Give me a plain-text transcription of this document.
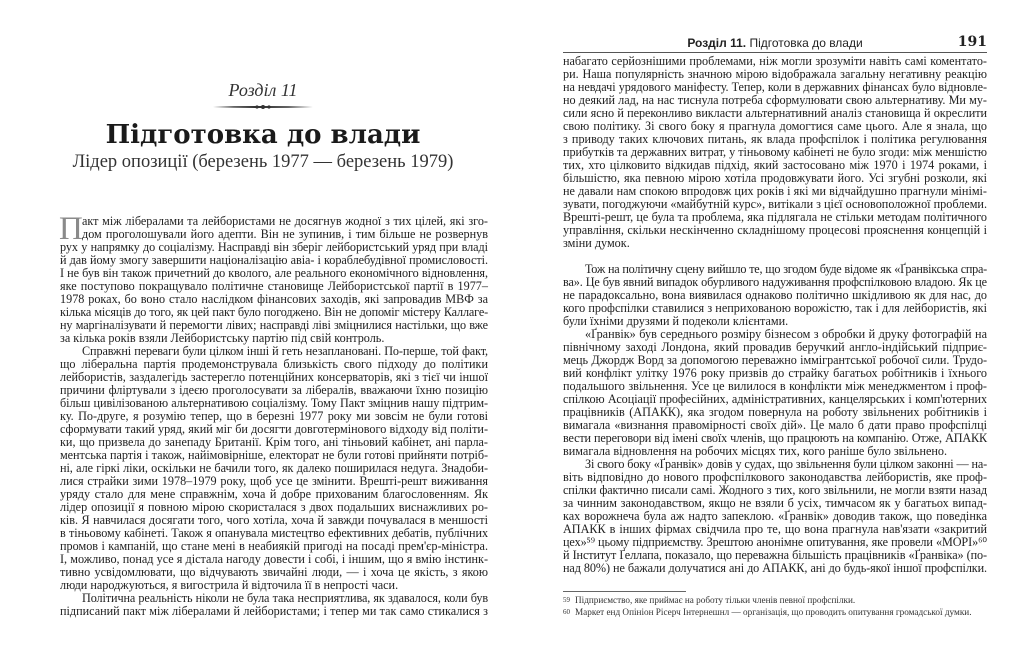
Розділ 11
Підготовка до влади
Лідер опозиції (березень 1977 — березень 1979)
П акт між лібералами та лейбористами не досягнув жодної з тих цілей, які зго-
дом проголошували його адепти. Він не зупинив, і тим більше не розвернув
рух у напрямку до соціалізму. Насправді він зберіг лейбористський уряд при владі
й дав йому змогу завершити націоналізацію авіа- і кораблебудівної промисловості.
І не був він також причетний до кволого, але реального економічного відновлення,
яке поступово покращувало політичне становище Лейбористської партії в 1977–
1978 роках, бо воно стало наслідком фінансових заходів, які запровадив МВФ за
кілька місяців до того, як цей пакт було погоджено. Він не допоміг містеру Каллаге-
ну маргіналізувати й перемогти лівих; насправді ліві зміцнилися настільки, що вже
за кілька років взяли Лейбористську партію під свій контроль.
Справжні переваги були цілком інші й геть незаплановані. По-перше, той факт,
що ліберальна партія продемонструвала близькість свого підходу до політики
лейбористів, заздалегідь застерегло потенційних консерваторів, які з тієї чи іншої
причини фліртували з ідеєю проголосувати за лібералів, вважаючи їхню позицію
більш цивілізованою альтернативою соціалізму. Тому Пакт зміцнив нашу підтрим-
ку. По-друге, я розумію тепер, що в березні 1977 року ми зовсім не були готові
сформувати такий уряд, який міг би досягти довготермінового відходу від політи-
ки, що призвела до занепаду Британії. Крім того, ані тіньовий кабінет, ані парла-
ментська партія і також, найімовірніше, електорат не були готові прийняти потріб-
ні, але гіркі ліки, оскільки не бачили того, як далеко поширилася недуга. Знадоби-
лися страйки зими 1978–1979 року, щоб усе це змінити. Врешті-решт виживання
уряду стало для мене справжнім, хоча й добре прихованим благословенням. Як
лідер опозиції я повною мірою скористалася з двох подальших виснажливих ро-
ків. Я навчилася досягати того, чого хотіла, хоча й завжди почувалася в меншості
в тіньовому кабінеті. Також я опанувала мистецтво ефективних дебатів, публічних
промов і кампаній, що стане мені в неабиякій пригоді на посаді прем'єр-міністра.
І, можливо, понад усе я дістала нагоду довести і собі, і іншим, що я вмію інстинк-
тивно усвідомлювати, що відчувають звичайні люди, — і хоча це якість, з якою
люди народжуються, я вигострила й відточила її в непрості часи.
Політична реальність ніколи не була така несприятлива, як здавалося, коли був
підписаний пакт між лібералами й лейбористами; і тепер ми так само стикалися з
Розділ 11. Підготовка до влади	191
набагато серйознішими проблемами, ніж могли зрозуміти навіть самі коментато-
ри. Наша популярність значною мірою відображала загальну негативну реакцію
на невдачі урядового маніфесту. Тепер, коли в державних фінансах було відновле-
но деякий лад, на нас тиснула потреба сформулювати свою альтернативу. Ми му-
сили ясно й переконливо викласти альтернативний аналіз становища й окреслити
свою політику. Зі свого боку я прагнула домогтися саме цього. Але я знала, що
з приводу таких ключових питань, як влада профспілок і політика регулювання
прибутків та державних витрат, у тіньовому кабінеті не було згоди: між меншістю
тих, хто цілковито відкидав підхід, який застосовано між 1970 і 1974 роками, і
більшістю, яка певною мірою хотіла продовжувати його. Усі згубні розколи, які
не давали нам спокою впродовж цих років і які ми відчайдушно прагнули мінімі-
зувати, погоджуючи «майбутній курс», витікали з цієї основоположної проблеми.
Врешті-решт, це була та проблема, яка підлягала не стільки методам політичного
управління, скільки нескінченно складнішому процесові прояснення концепцій і
зміни думок.
Тож на політичну сцену вийшло те, що згодом буде відоме як «Ґранвікська спра-
ва». Це був явний випадок обурливого надуживання профспілковою владою. Як це
не парадоксально, вона виявилася однаково політично шкідливою як для нас, до
кого профспілки ставилися з неприхованою ворожістю, так і для лейбористів, які
були їхніми друзями й подеколи клієнтами.
«Ґранвік» був середнього розміру бізнесом з обробки й друку фотографій на
північному заході Лондона, який провадив беручкий англо-індійський підприє-
мець Джордж Ворд за допомогою переважно іммігрантської робочої сили. Трудо-
вий конфлікт улітку 1976 року призвів до страйку багатьох робітників і їхнього
подальшого звільнення. Усе це вилилося в конфлікти між менеджментом і проф-
спілкою Асоціації професійних, адміністративних, канцелярських і комп'ютерних
працівників (АПАКК), яка згодом повернула на роботу звільнених робітників і
вимагала «визнання правомірності своїх дій». Це мало б дати право профспілці
вести переговори від імені своїх членів, що працюють на компанію. Отже, АПАКК
вимагала відновлення на робочих місцях тих, кого раніше було звільнено.
Зі свого боку «Ґранвік» довів у судах, що звільнення були цілком законні — на-
віть відповідно до нового профспілкового законодавства лейбористів, яке проф-
спілки фактично писали самі. Жодного з тих, кого звільнили, не могли взяти назад
за чинним законодавством, якщо не взяли б усіх, тимчасом як у багатьох випад-
ках ворожнеча була аж надто запеклою. «Ґранвік» доводив також, що поведінка
АПАКК в інших фірмах свідчила про те, що вона прагнула нав'язати «закритий
цех»⁵⁹ цьому підприємству. Зрештою анонімне опитування, яке провели «МОРІ»⁶⁰
й Інститут Ґеллапа, показало, що переважна більшість працівників «Ґранвіка» (по-
над 80%) не бажали долучатися ані до АПАКК, ані до будь-якої іншої профспілки.
$^{59}$ Підприємство, яке приймає на роботу тільки членів певної профспілки.
$^{60}$ Маркет енд Опініон Рісерч Інтернешнл — організація, що проводить опитування громадської думки.
